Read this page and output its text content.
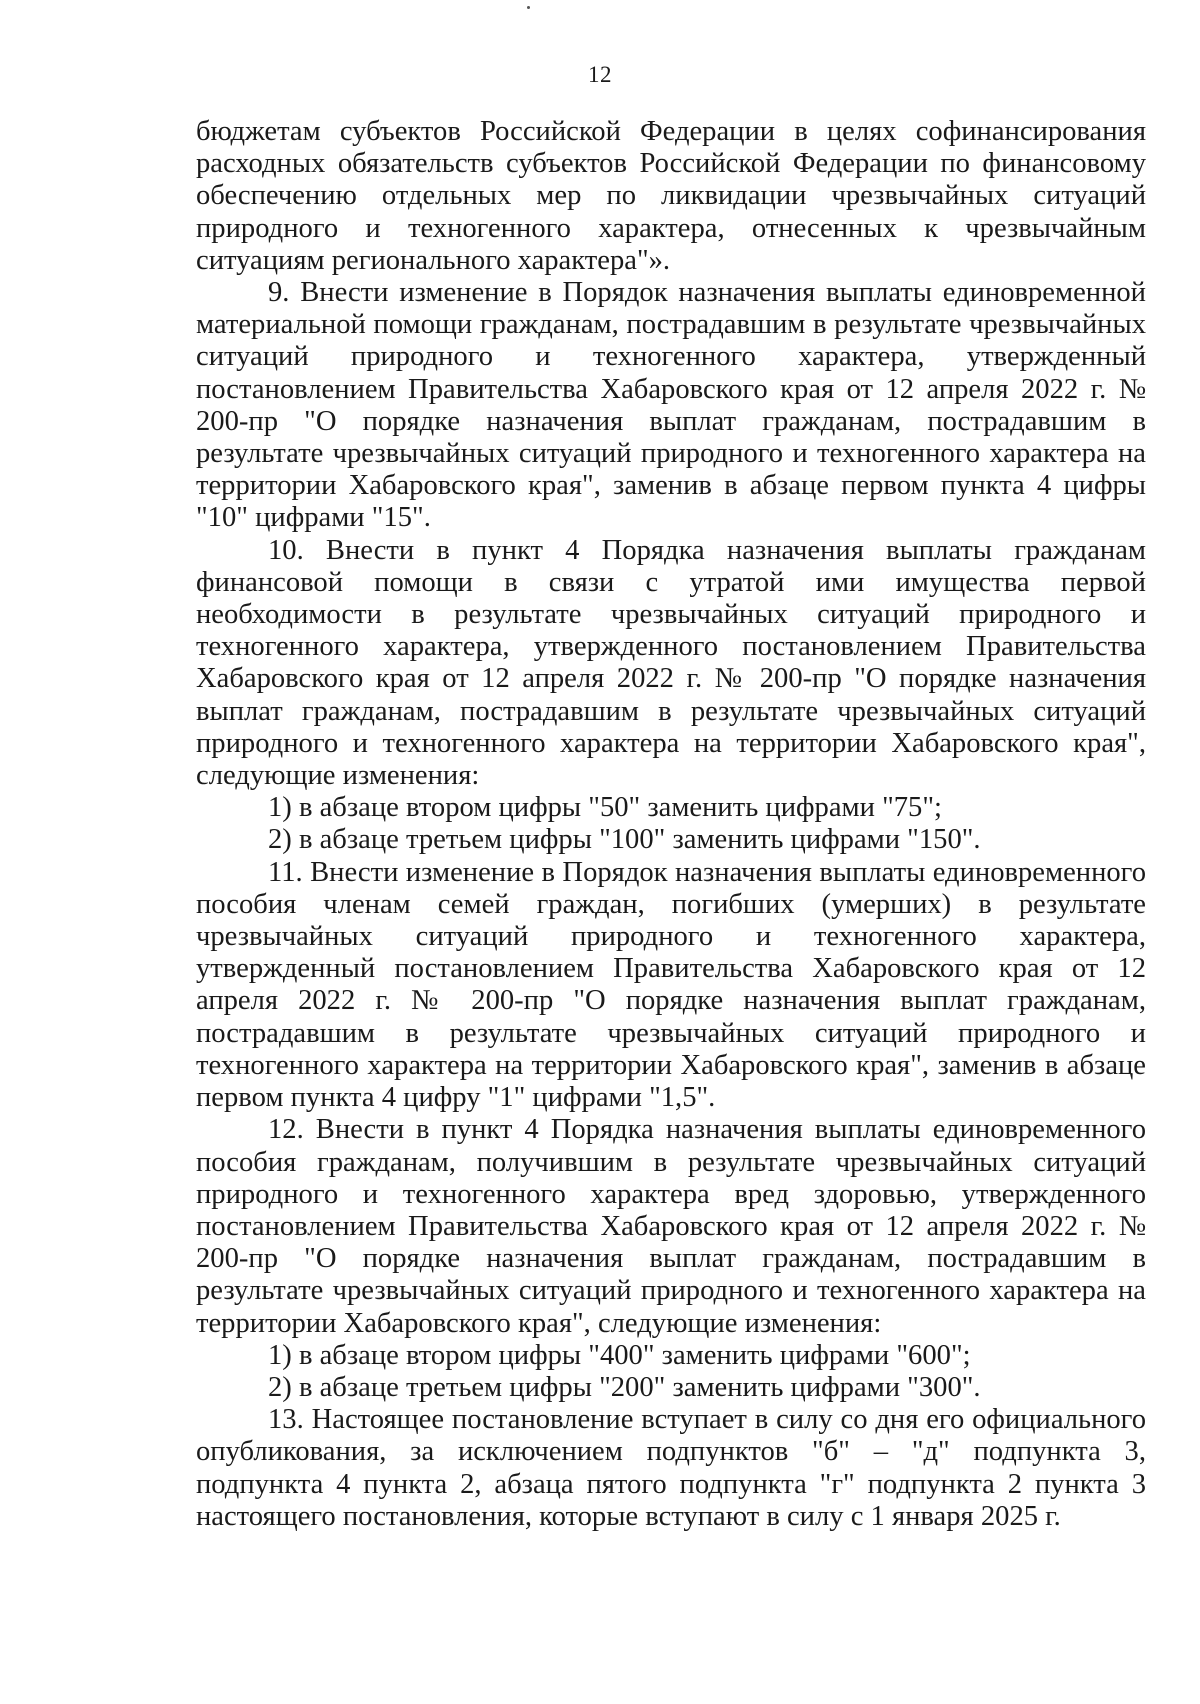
12

бюджетам субъектов Российской Федерации в целях софинансирования расходных обязательств субъектов Российской Федерации по финансовому обеспечению отдельных мер по ликвидации чрезвычайных ситуаций природного и техногенного характера, отнесенных к чрезвычайным ситуациям регионального характера"».

9. Внести изменение в Порядок назначения выплаты единовременной материальной помощи гражданам, пострадавшим в результате чрезвычайных ситуаций природного и техногенного характера, утвержденный постановлением Правительства Хабаровского края от 12 апреля 2022 г. № 200-пр "О порядке назначения выплат гражданам, пострадавшим в результате чрезвычайных ситуаций природного и техногенного характера на территории Хабаровского края", заменив в абзаце первом пункта 4 цифры "10" цифрами "15".

10. Внести в пункт 4 Порядка назначения выплаты гражданам финансовой помощи в связи с утратой ими имущества первой необходимости в результате чрезвычайных ситуаций природного и техногенного характера, утвержденного постановлением Правительства Хабаровского края от 12 апреля 2022 г. № 200-пр "О порядке назначения выплат гражданам, пострадавшим в результате чрезвычайных ситуаций природного и техногенного характера на территории Хабаровского края", следующие изменения:

1) в абзаце втором цифры "50" заменить цифрами "75";

2) в абзаце третьем цифры "100" заменить цифрами "150".

11. Внести изменение в Порядок назначения выплаты единовременного пособия членам семей граждан, погибших (умерших) в результате чрезвычайных ситуаций природного и техногенного характера, утвержденный постановлением Правительства Хабаровского края от 12 апреля 2022 г. № 200-пр "О порядке назначения выплат гражданам, пострадавшим в результате чрезвычайных ситуаций природного и техногенного характера на территории Хабаровского края", заменив в абзаце первом пункта 4 цифру "1" цифрами "1,5".

12. Внести в пункт 4 Порядка назначения выплаты единовременного пособия гражданам, получившим в результате чрезвычайных ситуаций природного и техногенного характера вред здоровью, утвержденного постановлением Правительства Хабаровского края от 12 апреля 2022 г. № 200-пр "О порядке назначения выплат гражданам, пострадавшим в результате чрезвычайных ситуаций природного и техногенного характера на территории Хабаровского края", следующие изменения:

1) в абзаце втором цифры "400" заменить цифрами "600";

2) в абзаце третьем цифры "200" заменить цифрами "300".

13. Настоящее постановление вступает в силу со дня его официального опубликования, за исключением подпунктов "б" – "д" подпункта 3, подпункта 4 пункта 2, абзаца пятого подпункта "г" подпункта 2 пункта 3 настоящего постановления, которые вступают в силу с 1 января 2025 г.
